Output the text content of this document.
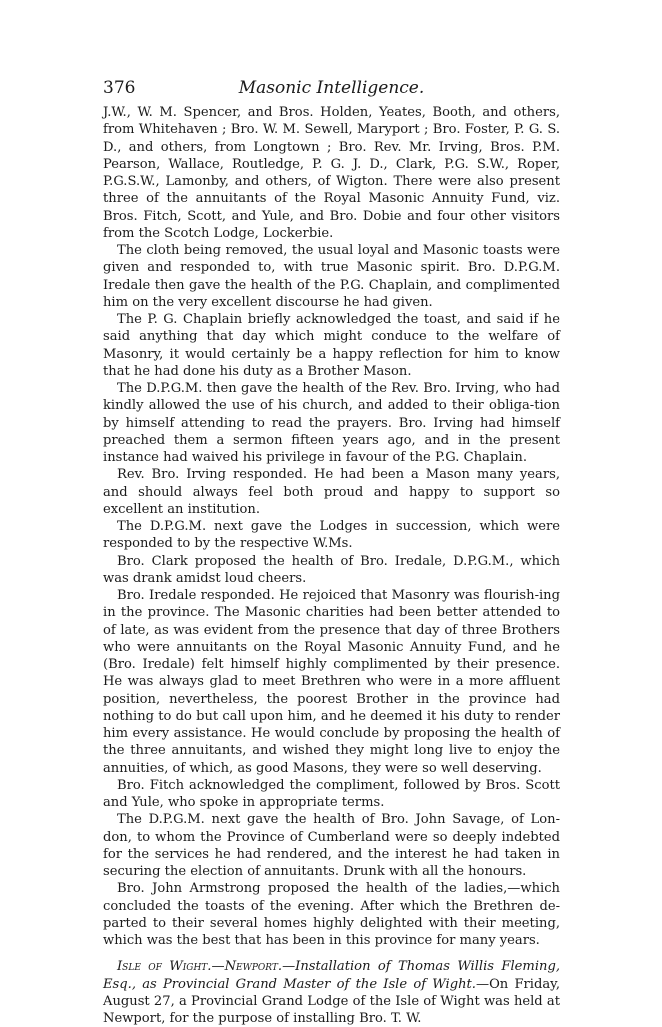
376	Masonic Intelligence.

J.W., W. M. Spencer, and Bros. Holden, Yeates, Booth, and others, from Whitehaven ; Bro. W. M. Sewell, Maryport ; Bro. Foster, P. G. S. D., and others, from Longtown ; Bro. Rev. Mr. Irving, Bros. P.M. Pearson, Wallace, Routledge, P. G. J. D., Clark, P.G. S.W., Roper, P.G.S.W., Lamonby, and others, of Wigton. There were also present three of the annuitants of the Royal Masonic Annuity Fund, viz. Bros. Fitch, Scott, and Yule, and Bro. Dobie and four other visitors from the Scotch Lodge, Lockerbie.

The cloth being removed, the usual loyal and Masonic toasts were given and responded to, with true Masonic spirit. Bro. D.P.G.M. Iredale then gave the health of the P.G. Chaplain, and complimented him on the very excellent discourse he had given.

The P. G. Chaplain briefly acknowledged the toast, and said if he said anything that day which might conduce to the welfare of Masonry, it would certainly be a happy reflection for him to know that he had done his duty as a Brother Mason.

The D.P.G.M. then gave the health of the Rev. Bro. Irving, who had kindly allowed the use of his church, and added to their obliga-tion by himself attending to read the prayers. Bro. Irving had himself preached them a sermon fifteen years ago, and in the present instance had waived his privilege in favour of the P.G. Chaplain.

Rev. Bro. Irving responded. He had been a Mason many years, and should always feel both proud and happy to support so excellent an institution.

The D.P.G.M. next gave the Lodges in succession, which were responded to by the respective W.Ms.

Bro. Clark proposed the health of Bro. Iredale, D.P.G.M., which was drank amidst loud cheers.

Bro. Iredale responded. He rejoiced that Masonry was flourish-ing in the province. The Masonic charities had been better attended to of late, as was evident from the presence that day of three Brothers who were annuitants on the Royal Masonic Annuity Fund, and he (Bro. Iredale) felt himself highly complimented by their presence. He was always glad to meet Brethren who were in a more affluent position, nevertheless, the poorest Brother in the province had nothing to do but call upon him, and he deemed it his duty to render him every assistance. He would conclude by proposing the health of the three annuitants, and wished they might long live to enjoy the annuities, of which, as good Masons, they were so well deserving.

Bro. Fitch acknowledged the compliment, followed by Bros. Scott and Yule, who spoke in appropriate terms.

The D.P.G.M. next gave the health of Bro. John Savage, of Lon-don, to whom the Province of Cumberland were so deeply indebted for the services he had rendered, and the interest he had taken in securing the election of annuitants. Drunk with all the honours.

Bro. John Armstrong proposed the health of the ladies,—which concluded the toasts of the evening. After which the Brethren de-parted to their several homes highly delighted with their meeting, which was the best that has been in this province for many years.

Isle of Wight.—Newport.—Installation of Thomas Willis Fleming, Esq., as Provincial Grand Master of the Isle of Wight.—On Friday, August 27, a Provincial Grand Lodge of the Isle of Wight was held at Newport, for the purpose of installing Bro. T. W.
